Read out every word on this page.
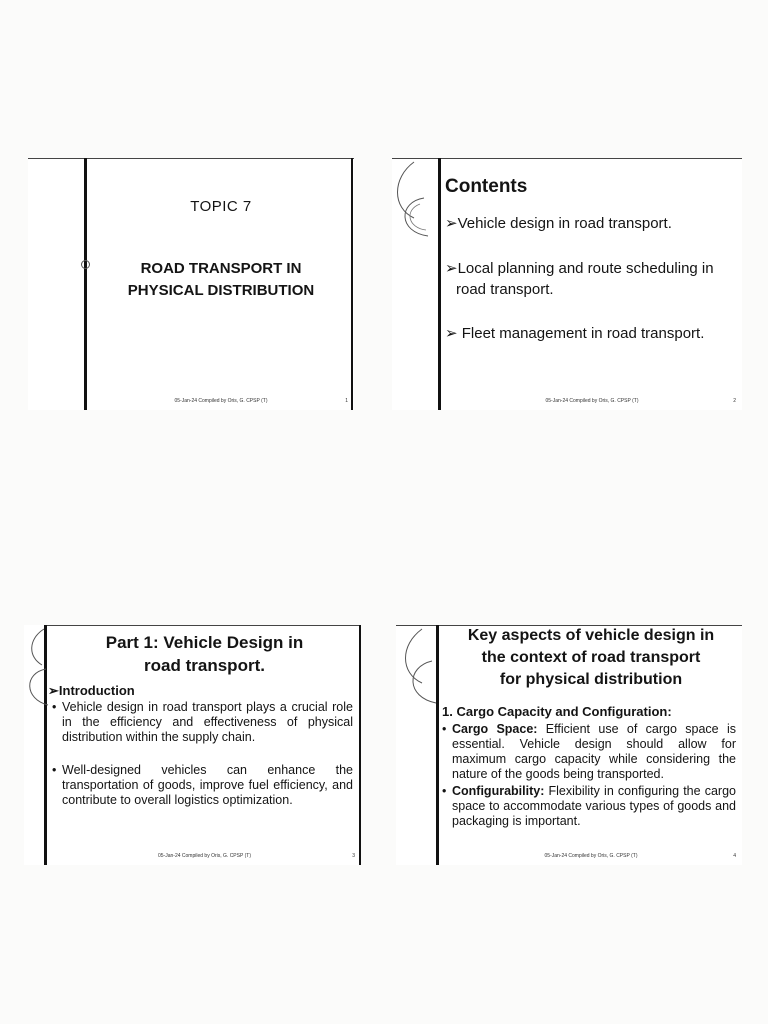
TOPIC 7
ROAD TRANSPORT IN
PHYSICAL DISTRIBUTION
05-Jan-24 Compiled by Oris, G. CPSP (T)	1
Contents
➢Vehicle design in road transport.
➢Local planning and route scheduling in
road transport.
➢ Fleet management in road transport.
05-Jan-24 Compiled by Oris, G. CPSP (T)	2
Part 1: Vehicle Design in
road transport.
➢Introduction
• Vehicle design in road transport plays a crucial role in the efficiency and effectiveness of physical distribution within the supply chain.
• Well-designed vehicles can enhance the transportation of goods, improve fuel efficiency, and contribute to overall logistics optimization.
05-Jan-24 Compiled by Oris, G. CPSP (T)	3
Key aspects of vehicle design in
the context of road transport
for physical distribution
1. Cargo Capacity and Configuration:
• Cargo Space: Efficient use of cargo space is essential. Vehicle design should allow for maximum cargo capacity while considering the nature of the goods being transported.
• Configurability: Flexibility in configuring the cargo space to accommodate various types of goods and packaging is important.
05-Jan-24 Compiled by Oris, G. CPSP (T)	4
